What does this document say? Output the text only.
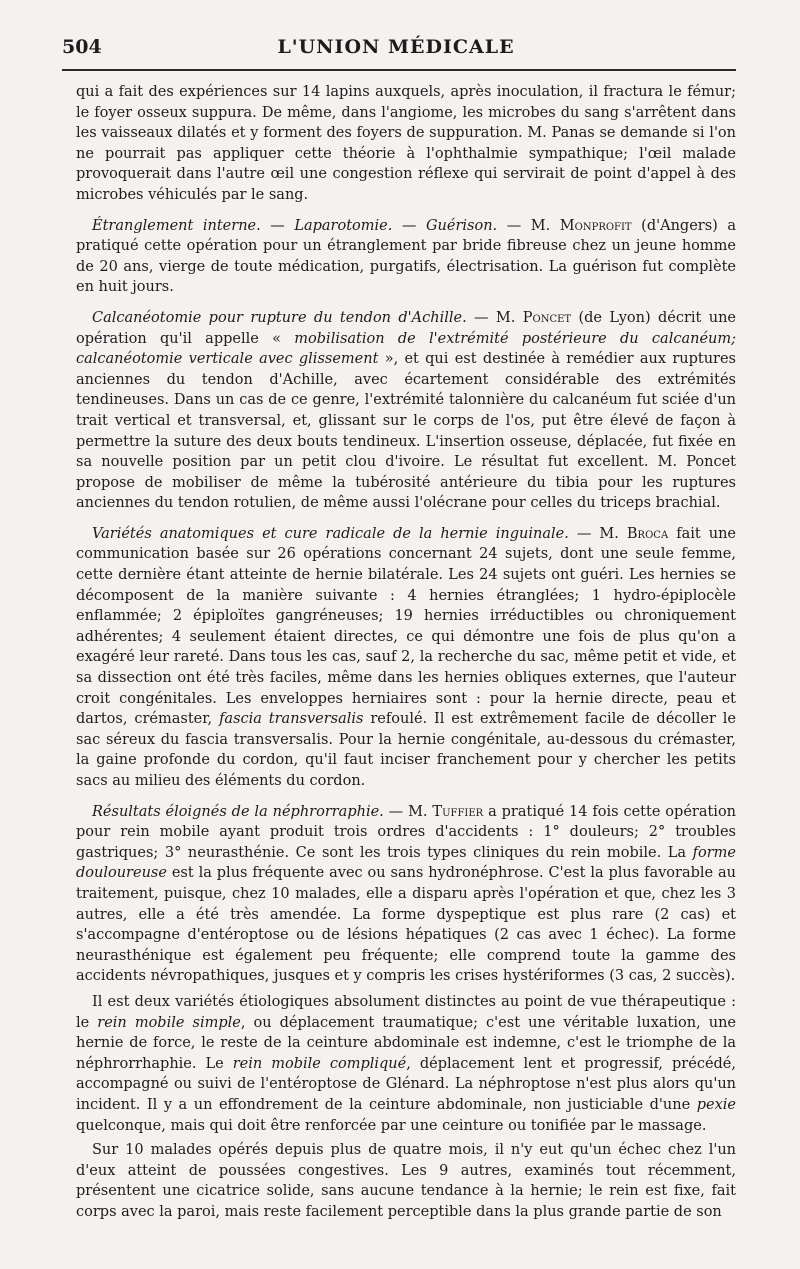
504	L'UNION MÉDICALE

qui a fait des expériences sur 14 lapins auxquels, après inoculation, il fractura le fémur; le foyer osseux suppura. De même, dans l'angiome, les microbes du sang s'arrêtent dans les vaisseaux dilatés et y forment des foyers de suppuration. M. Panas se demande si l'on ne pourrait pas appliquer cette théorie à l'ophthalmie sympathique; l'œil malade provoquerait dans l'autre œil une congestion réflexe qui servirait de point d'appel à des microbes véhiculés par le sang.

Étranglement interne. — Laparotomie. — Guérison. — M. Monprofit (d'Angers) a pratiqué cette opération pour un étranglement par bride fibreuse chez un jeune homme de 20 ans, vierge de toute médication, purgatifs, électrisation. La guérison fut complète en huit jours.

Calcanéotomie pour rupture du tendon d'Achille. — M. Poncet (de Lyon) décrit une opération qu'il appelle « mobilisation de l'extrémité postérieure du calcanéum; calcanéotomie verticale avec glissement », et qui est destinée à remédier aux ruptures anciennes du tendon d'Achille, avec écartement considérable des extrémités tendineuses. Dans un cas de ce genre, l'extrémité talonnière du calcanéum fut sciée d'un trait vertical et transversal, et, glissant sur le corps de l'os, put être élevé de façon à permettre la suture des deux bouts tendineux. L'insertion osseuse, déplacée, fut fixée en sa nouvelle position par un petit clou d'ivoire. Le résultat fut excellent. M. Poncet propose de mobiliser de même la tubérosité antérieure du tibia pour les ruptures anciennes du tendon rotulien, de même aussi l'olécrane pour celles du triceps brachial.

Variétés anatomiques et cure radicale de la hernie inguinale. — M. Broca fait une communication basée sur 26 opérations concernant 24 sujets, dont une seule femme, cette dernière étant atteinte de hernie bilatérale. Les 24 sujets ont guéri. Les hernies se décomposent de la manière suivante : 4 hernies étranglées; 1 hydro-épiplocèle enflammée; 2 épiploïtes gangréneuses; 19 hernies irréductibles ou chroniquement adhérentes; 4 seulement étaient directes, ce qui démontre une fois de plus qu'on a exagéré leur rareté. Dans tous les cas, sauf 2, la recherche du sac, même petit et vide, et sa dissection ont été très faciles, même dans les hernies obliques externes, que l'auteur croit congénitales. Les enveloppes herniaires sont : pour la hernie directe, peau et dartos, crémaster, fascia transversalis refoulé. Il est extrêmement facile de décoller le sac séreux du fascia transversalis. Pour la hernie congénitale, au-dessous du crémaster, la gaine profonde du cordon, qu'il faut inciser franchement pour y chercher les petits sacs au milieu des éléments du cordon.

Résultats éloignés de la néphrorraphie. — M. Tuffier a pratiqué 14 fois cette opération pour rein mobile ayant produit trois ordres d'accidents : 1° douleurs; 2° troubles gastriques; 3° neurasthénie. Ce sont les trois types cliniques du rein mobile. La forme douloureuse est la plus fréquente avec ou sans hydronéphrose. C'est la plus favorable au traitement, puisque, chez 10 malades, elle a disparu après l'opération et que, chez les 3 autres, elle a été très amendée. La forme dyspeptique est plus rare (2 cas) et s'accompagne d'entéroptose ou de lésions hépatiques (2 cas avec 1 échec). La forme neurasthénique est également peu fréquente; elle comprend toute la gamme des accidents névropathiques, jusques et y compris les crises hystériformes (3 cas, 2 succès).

Il est deux variétés étiologiques absolument distinctes au point de vue thérapeutique : le rein mobile simple, ou déplacement traumatique; c'est une véritable luxation, une hernie de force, le reste de la ceinture abdominale est indemne, c'est le triomphe de la néphrorrhaphie. Le rein mobile compliqué, déplacement lent et progressif, précédé, accompagné ou suivi de l'entéroptose de Glénard. La néphroptose n'est plus alors qu'un incident. Il y a un effondrement de la ceinture abdominale, non justiciable d'une pexie quelconque, mais qui doit être renforcée par une ceinture ou tonifiée par le massage.

Sur 10 malades opérés depuis plus de quatre mois, il n'y eut qu'un échec chez l'un d'eux atteint de poussées congestives. Les 9 autres, examinés tout récemment, présentent une cicatrice solide, sans aucune tendance à la hernie; le rein est fixe, fait corps avec la paroi, mais reste facilement perceptible dans la plus grande partie de son
